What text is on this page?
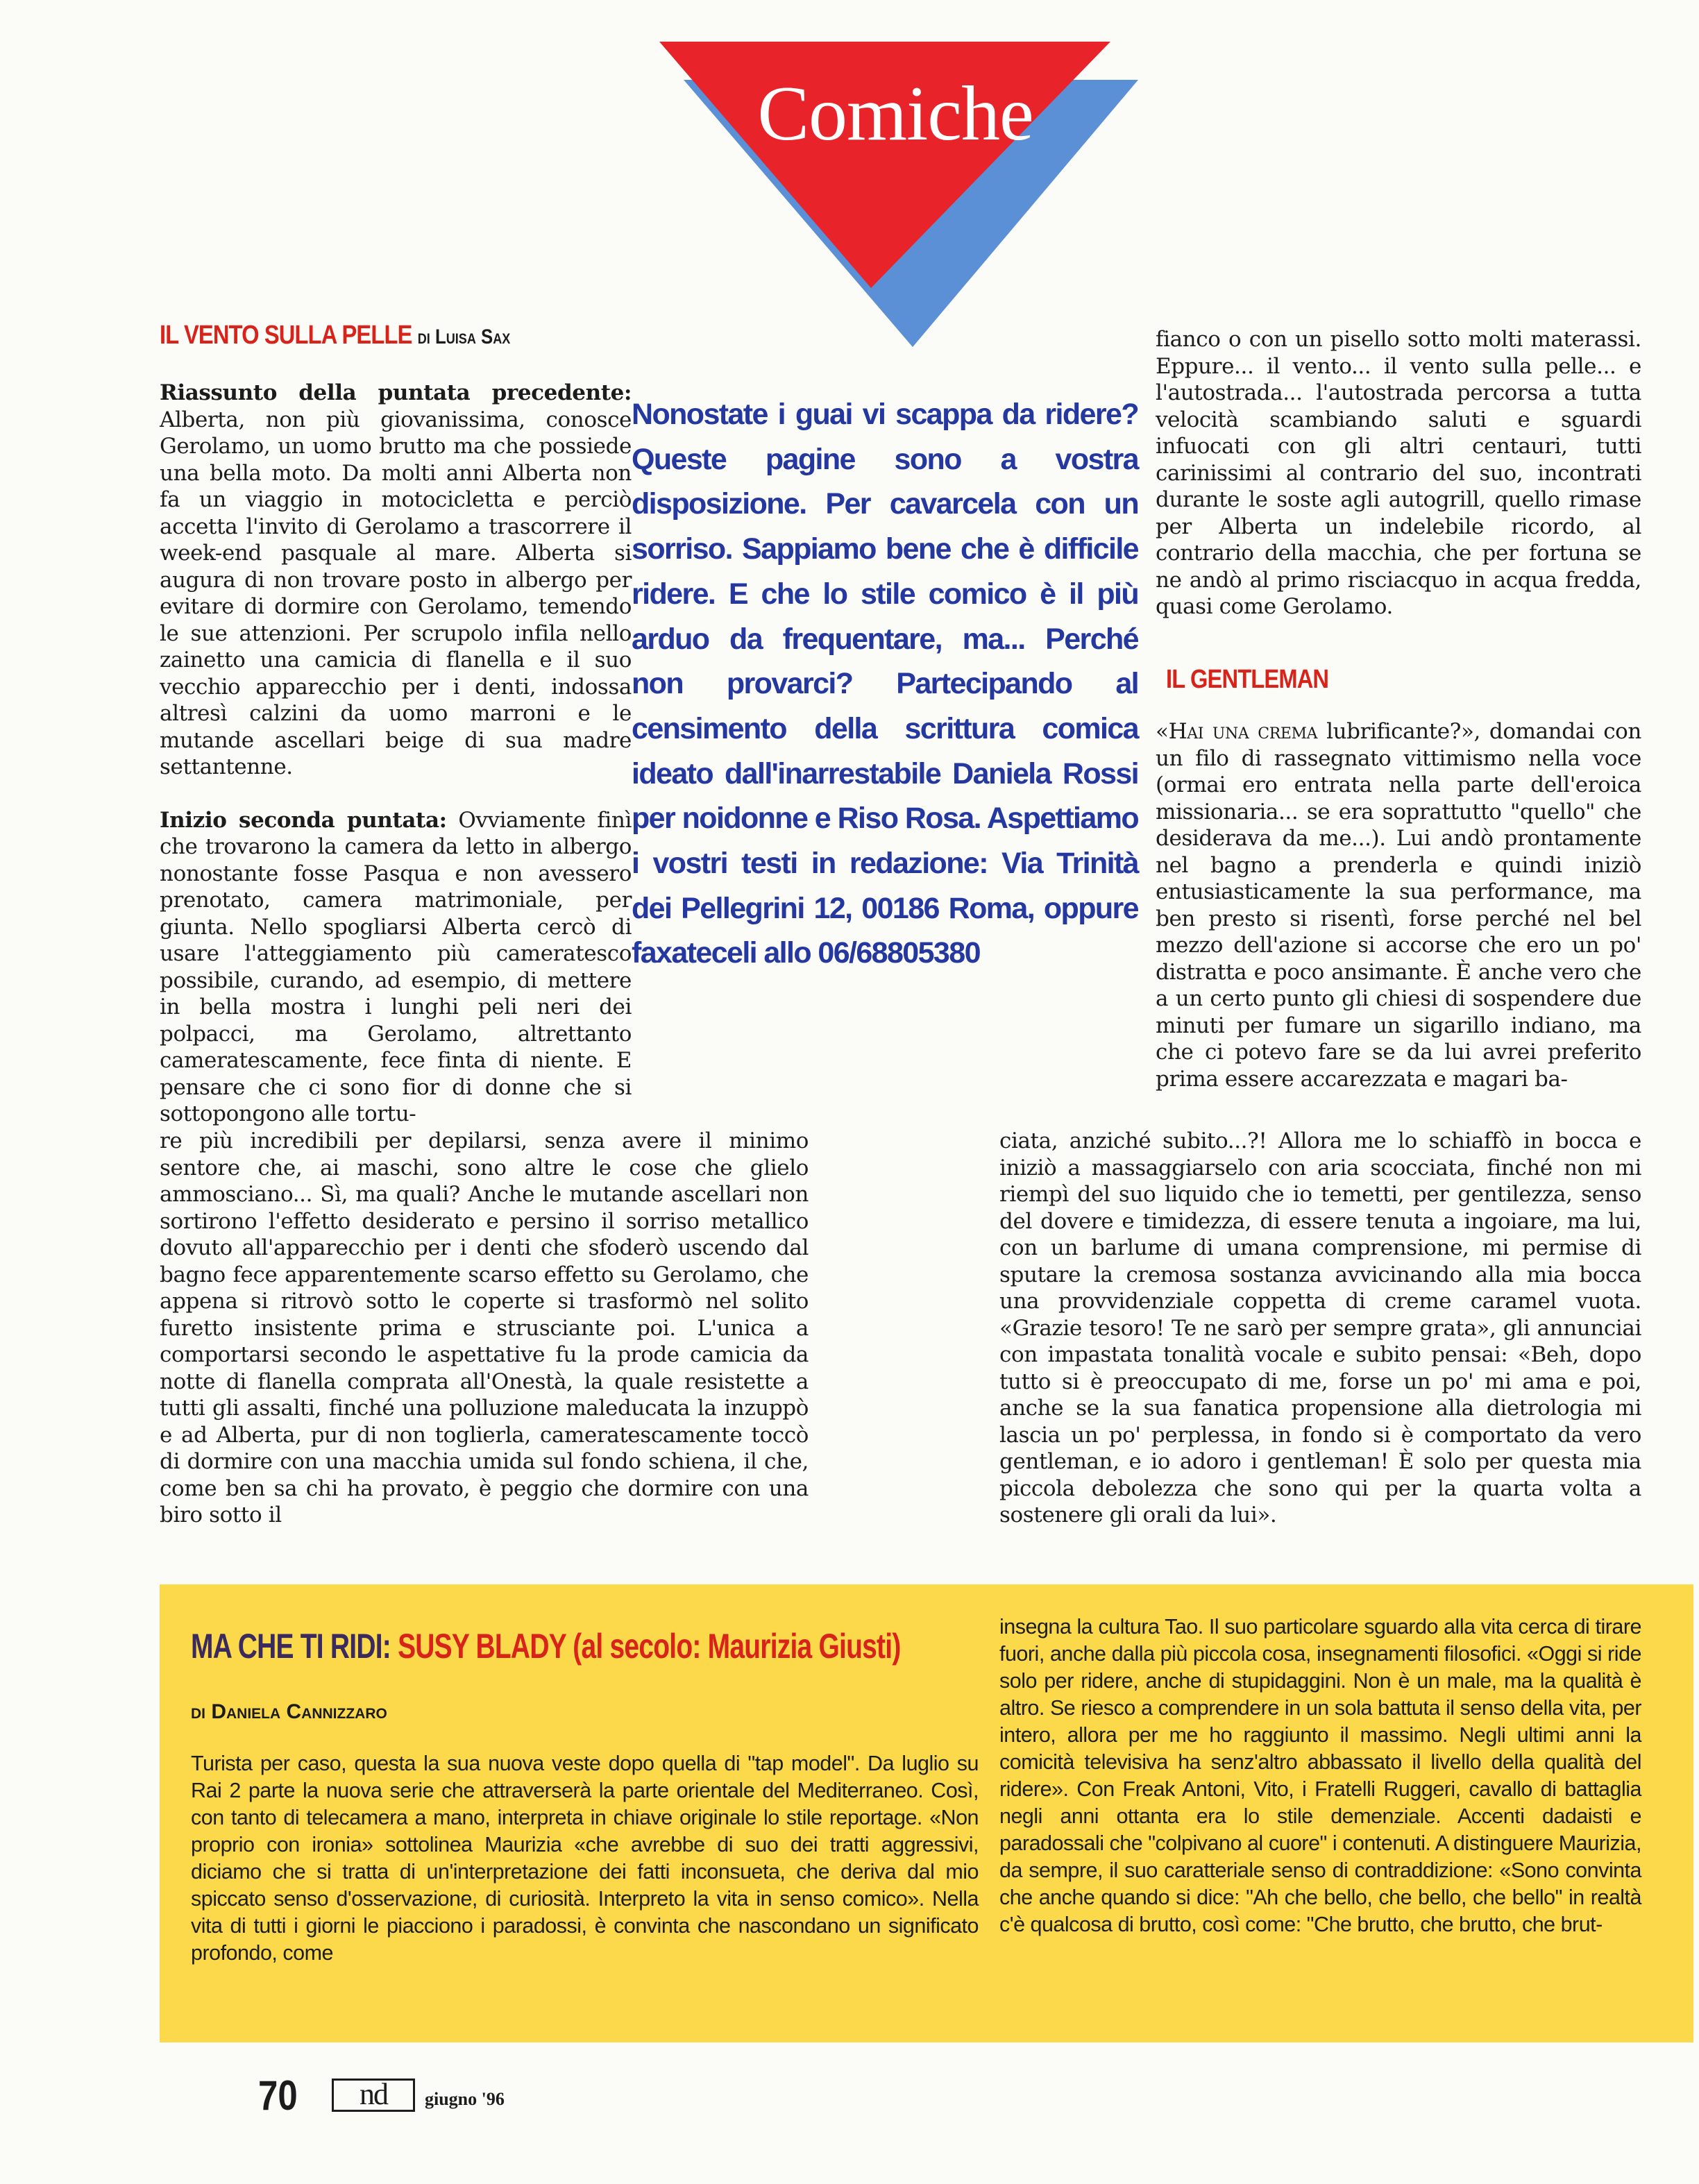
Comiche
IL VENTO SULLA PELLE di Luisa Sax

Riassunto della puntata precedente: Alberta, non più giovanissima, conosce Gerolamo, un uomo brutto ma che possiede una bella moto. Da molti anni Alberta non fa un viaggio in motocicletta e perciò accetta l'invito di Gerolamo a trascorrere il week-end pasquale al mare. Alberta si augura di non trovare posto in albergo per evitare di dormire con Gerolamo, temendo le sue attenzioni. Per scrupolo infila nello zainetto una camicia di flanella e il suo vecchio apparecchio per i denti, indossa altresì calzini da uomo marroni e le mutande ascellari beige di sua madre settantenne.

Inizio seconda puntata: Ovviamente finì che trovarono la camera da letto in albergo nonostante fosse Pasqua e non avessero prenotato, camera matrimoniale, per giunta. Nello spogliarsi Alberta cercò di usare l'atteggiamento più cameratesco possibile, curando, ad esempio, di mettere in bella mostra i lunghi peli neri dei polpacci, ma Gerolamo, altrettanto cameratescamente, fece finta di niente. E pensare che ci sono fior di donne che si sottopongono alle tortu-

Nonostate i guai vi scappa da ridere? Queste pagine sono a vostra disposizione. Per cavarcela con un sorriso. Sappiamo bene che è difficile ridere. E che lo stile comico è il più arduo da frequentare, ma... Perché non provarci? Partecipando al censimento della scrittura comica ideato dall'inarrestabile Daniela Rossi per noidonne e Riso Rosa. Aspettiamo i vostri testi in redazione: Via Trinità dei Pellegrini 12, 00186 Roma, oppure faxateceli allo 06/68805380
re più incredibili per depilarsi, senza avere il minimo sentore che, ai maschi, sono altre le cose che glielo ammosciano... Sì, ma quali? Anche le mutande ascellari non sortirono l'effetto desiderato e persino il sorriso metallico dovuto all'apparecchio per i denti che sfoderò uscendo dal bagno fece apparentemente scarso effetto su Gerolamo, che appena si ritrovò sotto le coperte si trasformò nel solito furetto insistente prima e strusciante poi. L'unica a comportarsi secondo le aspettative fu la prode camicia da notte di flanella comprata all'Onestà, la quale resistette a tutti gli assalti, finché una polluzione maleducata la inzuppò e ad Alberta, pur di non toglierla, cameratescamente toccò di dormire con una macchia umida sul fondo schiena, il che, come ben sa chi ha provato, è peggio che dormire con una biro sotto il
fianco o con un pisello sotto molti materassi. Eppure... il vento... il vento sulla pelle... e l'autostrada... l'autostrada percorsa a tutta velocità scambiando saluti e sguardi infuocati con gli altri centauri, tutti carinissimi al contrario del suo, incontrati durante le soste agli autogrill, quello rimase per Alberta un indelebile ricordo, al contrario della macchia, che per fortuna se ne andò al primo risciacquo in acqua fredda, quasi come Gerolamo.
IL GENTLEMAN
«Hai una crema lubrificante?», domandai con un filo di rassegnato vittimismo nella voce (ormai ero entrata nella parte dell'eroica missionaria... se era soprattutto "quello" che desiderava da me...). Lui andò prontamente nel bagno a prenderla e quindi iniziò entusiasticamente la sua performance, ma ben presto si risentì, forse perché nel bel mezzo dell'azione si accorse che ero un po' distratta e poco ansimante. È anche vero che a un certo punto gli chiesi di sospendere due minuti per fumare un sigarillo indiano, ma che ci potevo fare se da lui avrei preferito prima essere accarezzata e magari ba-
ciata, anziché subito...?! Allora me lo schiaffò in bocca e iniziò a massaggiarselo con aria scocciata, finché non mi riempì del suo liquido che io temetti, per gentilezza, senso del dovere e timidezza, di essere tenuta a ingoiare, ma lui, con un barlume di umana comprensione, mi permise di sputare la cremosa sostanza avvicinando alla mia bocca una provvidenziale coppetta di creme caramel vuota. «Grazie tesoro! Te ne sarò per sempre grata», gli annunciai con impastata tonalità vocale e subito pensai: «Beh, dopo tutto si è preoccupato di me, forse un po' mi ama e poi, anche se la sua fanatica propensione alla dietrologia mi lascia un po' perplessa, in fondo si è comportato da vero gentleman, e io adoro i gentleman! È solo per questa mia piccola debolezza che sono qui per la quarta volta a sostenere gli orali da lui».
MA CHE TI RIDI: SUSY BLADY (al secolo: Maurizia Giusti)
di Daniela Cannizzaro
Turista per caso, questa la sua nuova veste dopo quella di "tap model". Da luglio su Rai 2 parte la nuova serie che attraverserà la parte orientale del Mediterraneo. Così, con tanto di telecamera a mano, interpreta in chiave originale lo stile reportage. «Non proprio con ironia» sottolinea Maurizia «che avrebbe di suo dei tratti aggressivi, diciamo che si tratta di un'interpretazione dei fatti inconsueta, che deriva dal mio spiccato senso d'osservazione, di curiosità. Interpreto la vita in senso comico». Nella vita di tutti i giorni le piacciono i paradossi, è convinta che nascondano un significato profondo, come
insegna la cultura Tao. Il suo particolare sguardo alla vita cerca di tirare fuori, anche dalla più piccola cosa, insegnamenti filosofici. «Oggi si ride solo per ridere, anche di stupidaggini. Non è un male, ma la qualità è altro. Se riesco a comprendere in un sola battuta il senso della vita, per intero, allora per me ho raggiunto il massimo. Negli ultimi anni la comicità televisiva ha senz'altro abbassato il livello della qualità del ridere». Con Freak Antoni, Vito, i Fratelli Ruggeri, cavallo di battaglia negli anni ottanta era lo stile demenziale. Accenti dadaisti e paradossali che "colpivano al cuore" i contenuti. A distinguere Maurizia, da sempre, il suo caratteriale senso di contraddizione: «Sono convinta che anche quando si dice: "Ah che bello, che bello, che bello" in realtà c'è qualcosa di brutto, così come: "Che brutto, che brutto, che brut-
70	nd	giugno '96
